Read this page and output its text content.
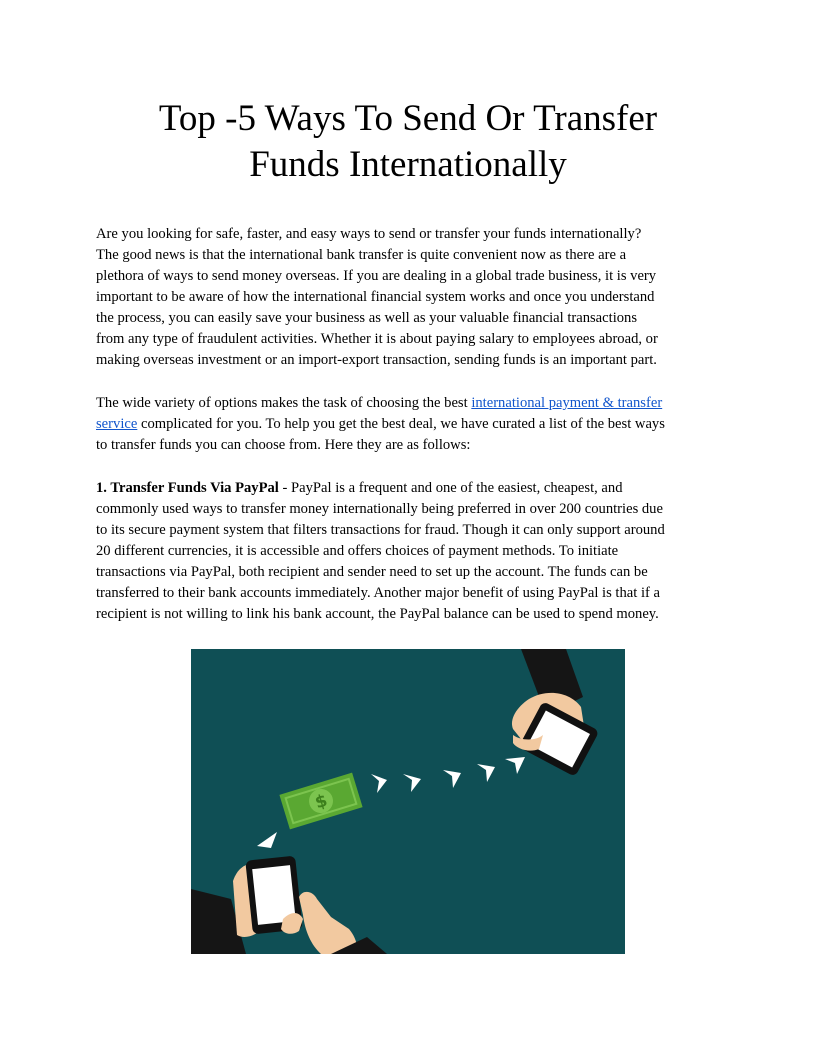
Top -5 Ways To Send Or Transfer
Funds Internationally

Are you looking for safe, faster, and easy ways to send or transfer your funds internationally?
The good news is that the international bank transfer is quite convenient now as there are a
plethora of ways to send money overseas. If you are dealing in a global trade business, it is very
important to be aware of how the international financial system works and once you understand
the process, you can easily save your business as well as your valuable financial transactions
from any type of fraudulent activities. Whether it is about paying salary to employees abroad, or
making overseas investment or an import-export transaction, sending funds is an important part.

The wide variety of options makes the task of choosing the best international payment & transfer
service complicated for you. To help you get the best deal, we have curated a list of the best ways
to transfer funds you can choose from. Here they are as follows:

1. Transfer Funds Via PayPal - PayPal is a frequent and one of the easiest, cheapest, and
commonly used ways to transfer money internationally being preferred in over 200 countries due
to its secure payment system that filters transactions for fraud. Though it can only support around
20 different currencies, it is accessible and offers choices of payment methods. To initiate
transactions via PayPal, both recipient and sender need to set up the account. The funds can be
transferred to their bank accounts immediately. Another major benefit of using PayPal is that if a
recipient is not willing to link his bank account, the PayPal balance can be used to spend money.

$
